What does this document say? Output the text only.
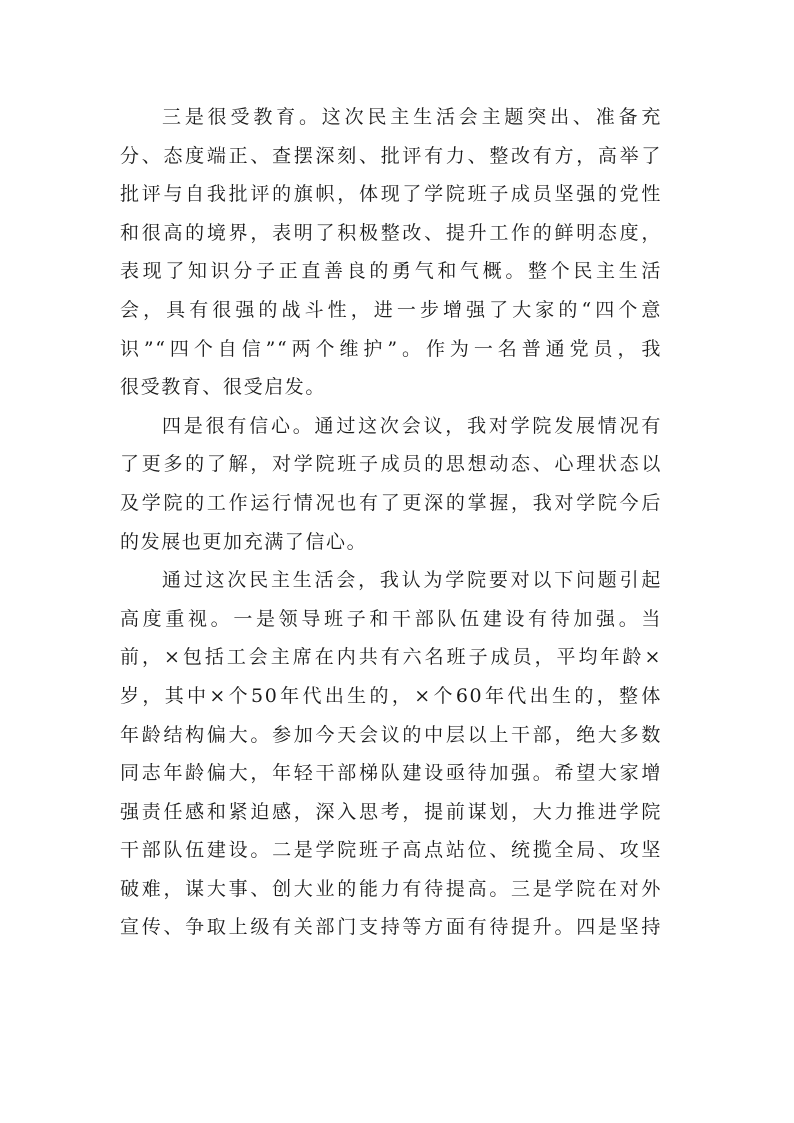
三是很受教育。这次民主生活会主题突出、准备充
分、态度端正、查摆深刻、批评有力、整改有方，高举了
批评与自我批评的旗帜，体现了学院班子成员坚强的党性
和很高的境界，表明了积极整改、提升工作的鲜明态度，
表现了知识分子正直善良的勇气和气概。整个民主生活
会，具有很强的战斗性，进一步增强了大家的“四个意
识”“四个自信”“两个维护”。作为一名普通党员，我
很受教育、很受启发。
四是很有信心。通过这次会议，我对学院发展情况有
了更多的了解，对学院班子成员的思想动态、心理状态以
及学院的工作运行情况也有了更深的掌握，我对学院今后
的发展也更加充满了信心。
通过这次民主生活会，我认为学院要对以下问题引起
高度重视。一是领导班子和干部队伍建设有待加强。当
前，×包括工会主席在内共有六名班子成员，平均年龄×
岁，其中×个50年代出生的，×个60年代出生的，整体
年龄结构偏大。参加今天会议的中层以上干部，绝大多数
同志年龄偏大，年轻干部梯队建设亟待加强。希望大家增
强责任感和紧迫感，深入思考，提前谋划，大力推进学院
干部队伍建设。二是学院班子高点站位、统揽全局、攻坚
破难，谋大事、创大业的能力有待提高。三是学院在对外
宣传、争取上级有关部门支持等方面有待提升。四是坚持
